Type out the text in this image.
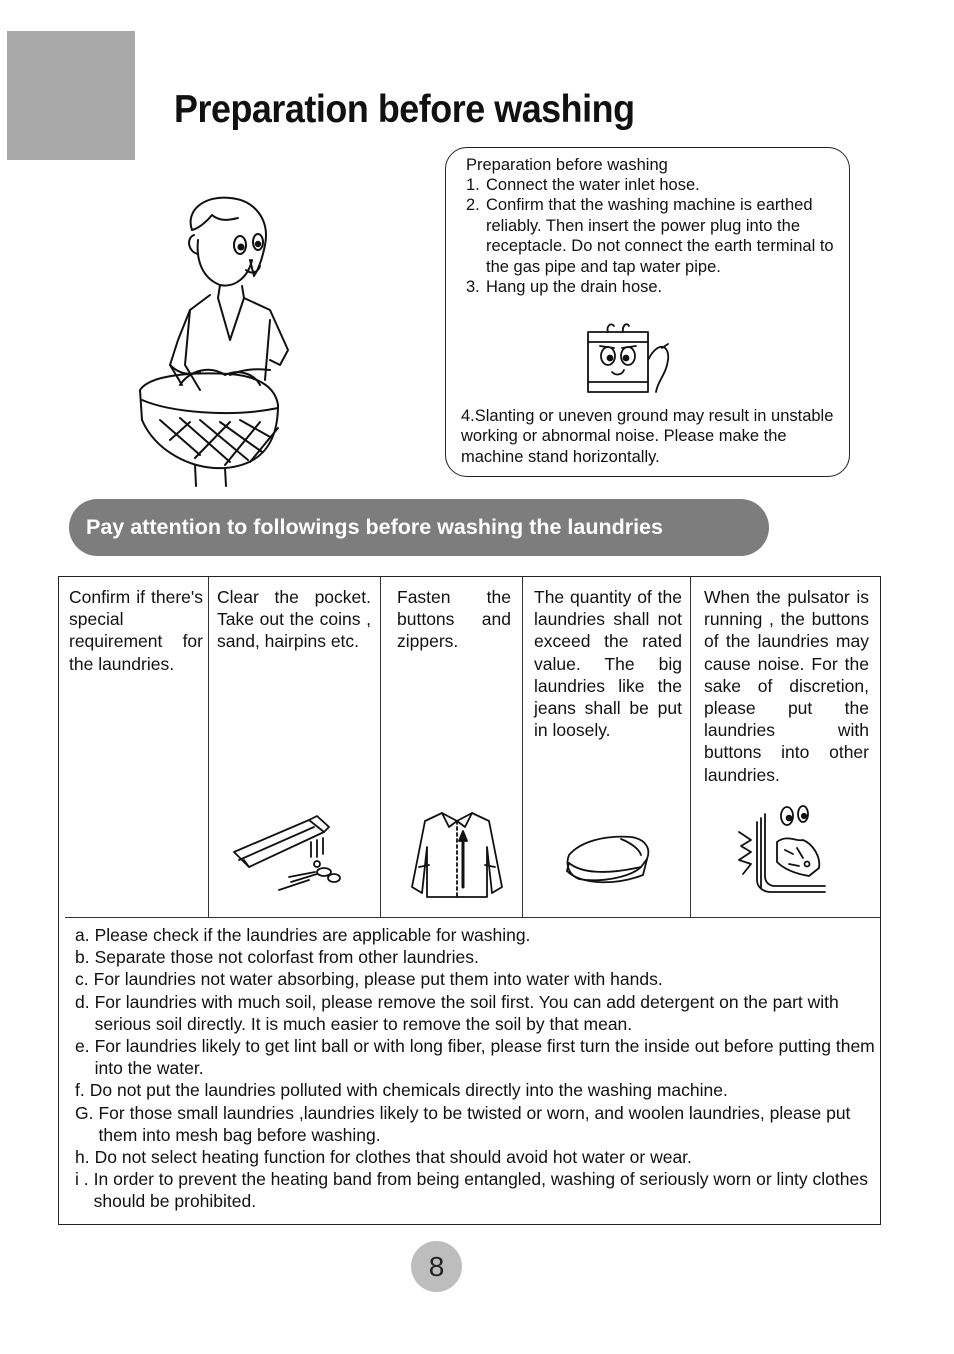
Preparation before washing
Preparation before washing
1. Connect the water inlet hose.
2. Confirm that the washing machine is earthed reliably. Then insert the power plug into the receptacle. Do not connect the earth terminal to the gas pipe and tap water pipe.
3. Hang up the drain hose.
4.Slanting or uneven ground may result in unstable working or abnormal noise. Please make the machine stand horizontally.
Pay attention to followings before washing the laundries
Confirm if there's special requirement for the laundries.
Clear the pocket. Take out the coins , sand, hairpins etc.
Fasten the buttons and zippers.
The quantity of the laundries shall not exceed the rated value. The big laundries like the jeans shall be put in loosely.
When the pulsator is running , the buttons of the laundries may cause noise. For the sake of discretion, please put the laundries with buttons into other laundries.
a. Please check if the laundries are applicable for washing.
b. Separate those not colorfast from other laundries.
c. For laundries not water absorbing, please put them into water with hands.
d. For laundries with much soil, please remove the soil first. You can add detergent on the part with serious soil directly. It is much easier to remove the soil by that mean.
e. For laundries likely to get lint ball or with long fiber, please first turn the inside out before putting them into the water.
f. Do not put the laundries polluted with chemicals directly into the washing machine.
G. For those small laundries ,laundries likely to be twisted or worn, and woolen laundries, please put them into mesh bag before washing.
h. Do not select heating function for clothes that should avoid hot water or wear.
i . In order to prevent the heating band from being entangled, washing of seriously worn or linty clothes should be prohibited.
8
